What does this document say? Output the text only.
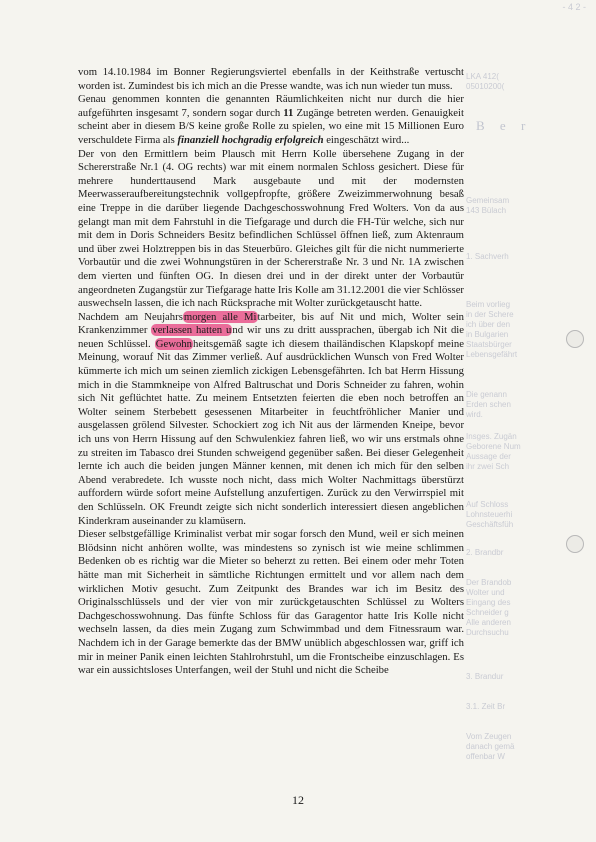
- 4 2 -
B e r
LKA 412(
05010200(
Gemeinsam
143 Bülach
1. Sachverh
Beim vorlieg
in der Schere
ich über den
in Bulgarien
Staatsbürger
Lebensgefährt
Die genann
Erden schen
wird.
Insges. Zugän
Geborene Num
Aussage der
ihr zwei Sch
Auf Schloss
Lohnsteuerhi
Geschäftsfüh
2. Brandbr
Der Brandob
Wolter und
Eingang des
Schneider g
Alle anderen
Durchsuchu
3. Brandur
3.1. Zeit Br
Vom Zeugen
danach gemä
offenbar W

vom 14.10.1984 im Bonner Regierungsviertel ebenfalls in der Keithstraße vertuscht worden ist. Zumindest bis ich mich an die Presse wandte, was ich nun wieder tun muss.

Genau genommen konnten die genannten Räumlichkeiten nicht nur durch die hier aufgeführten insgesamt 7, sondern sogar durch 11 Zugänge betreten werden. Genauigkeit scheint aber in diesem B/S keine große Rolle zu spielen, wo eine mit 15 Millionen Euro verschuldete Firma als finanziell hochgradig erfolgreich eingeschätzt wird...

Der von den Ermittlern beim Plausch mit Herrn Kolle übersehene Zugang in der Schererstraße Nr.1 (4. OG rechts) war mit einem normalen Schloss gesichert. Diese für mehrere hunderttausend Mark ausgebaute und mit der modernsten Meerwasseraufbereitungstechnik vollgepfropfte, größere Zweizimmerwohnung besaß eine Treppe in die darüber liegende Dachgeschosswohnung Fred Wolters. Von da aus gelangt man mit dem Fahrstuhl in die Tiefgarage und durch die FH-Tür welche, sich nur mit dem in Doris Schneiders Besitz befindlichen Schlüssel öffnen ließ, zum Aktenraum und über zwei Holztreppen bis in das Steuerbüro. Gleiches gilt für die nicht nummerierte Vorbautür und die zwei Wohnungstüren in der Schererstraße Nr. 3 und Nr. 1A zwischen dem vierten und fünften OG. In diesen drei und in der direkt unter der Vorbautür angeordneten Zugangstür zur Tiefgarage hatte Iris Kolle am 31.12.2001 die vier Schlösser auswechseln lassen, die ich nach Rücksprache mit Wolter zurückgetauscht hatte.

Nachdem am Neujahrsmorgen alle Mitarbeiter, bis auf Nit und mich, Wolter sein Krankenzimmer verlassen hatten und wir uns zu dritt aussprachen, übergab ich Nit die neuen Schlüssel. Gewohnheitsgemäß sagte ich diesem thailändischen Klapskopf meine Meinung, worauf Nit das Zimmer verließ. Auf ausdrücklichen Wunsch von Fred Wolter kümmerte ich mich um seinen ziemlich zickigen Lebensgefährten. Ich bat Herrn Hissung mich in die Stammkneipe von Alfred Baltruschat und Doris Schneider zu fahren, wohin sich Nit geflüchtet hatte. Zu meinem Entsetzten feierten die eben noch betroffen an Wolter seinem Sterbebett gesessenen Mitarbeiter in feuchtfröhlicher Manier und ausgelassen grölend Silvester. Schockiert zog ich Nit aus der lärmenden Kneipe, bevor ich uns von Herrn Hissung auf den Schwulenkiez fahren ließ, wo wir uns erstmals ohne zu streiten im Tabasco drei Stunden schweigend gegenüber saßen. Bei dieser Gelegenheit lernte ich auch die beiden jungen Männer kennen, mit denen ich mich für den selben Abend verabredete. Ich wusste noch nicht, dass mich Wolter Nachmittags überstürzt auffordern würde sofort meine Aufstellung anzufertigen. Zurück zu den Verwirrspiel mit den Schlüsseln. OK Freundt zeigte sich nicht sonderlich interessiert diesen angeblichen Kinderkram auseinander zu klamüsern.

Dieser selbstgefällige Kriminalist verbat mir sogar forsch den Mund, weil er sich meinen Blödsinn nicht anhören wollte, was mindestens so zynisch ist wie meine schlimmen Bedenken ob es richtig war die Mieter so beherzt zu retten. Bei einem oder mehr Toten hätte man mit Sicherheit in sämtliche Richtungen ermittelt und vor allem nach dem wirklichen Motiv gesucht. Zum Zeitpunkt des Brandes war ich im Besitz des Originalsschlüssels und der vier von mir zurückgetauschten Schlüssel zu Wolters Dachgeschosswohnung. Das fünfte Schloss für das Garagentor hatte Iris Kolle nicht wechseln lassen, da dies mein Zugang zum Schwimmbad und dem Fitnessraum war. Nachdem ich in der Garage bemerkte das der BMW unüblich abgeschlossen war, griff ich mir in meiner Panik einen leichten Stahlrohrstuhl, um die Frontscheibe einzuschlagen. Es war ein aussichtsloses Unterfangen, weil der Stuhl und nicht die Scheibe

12
